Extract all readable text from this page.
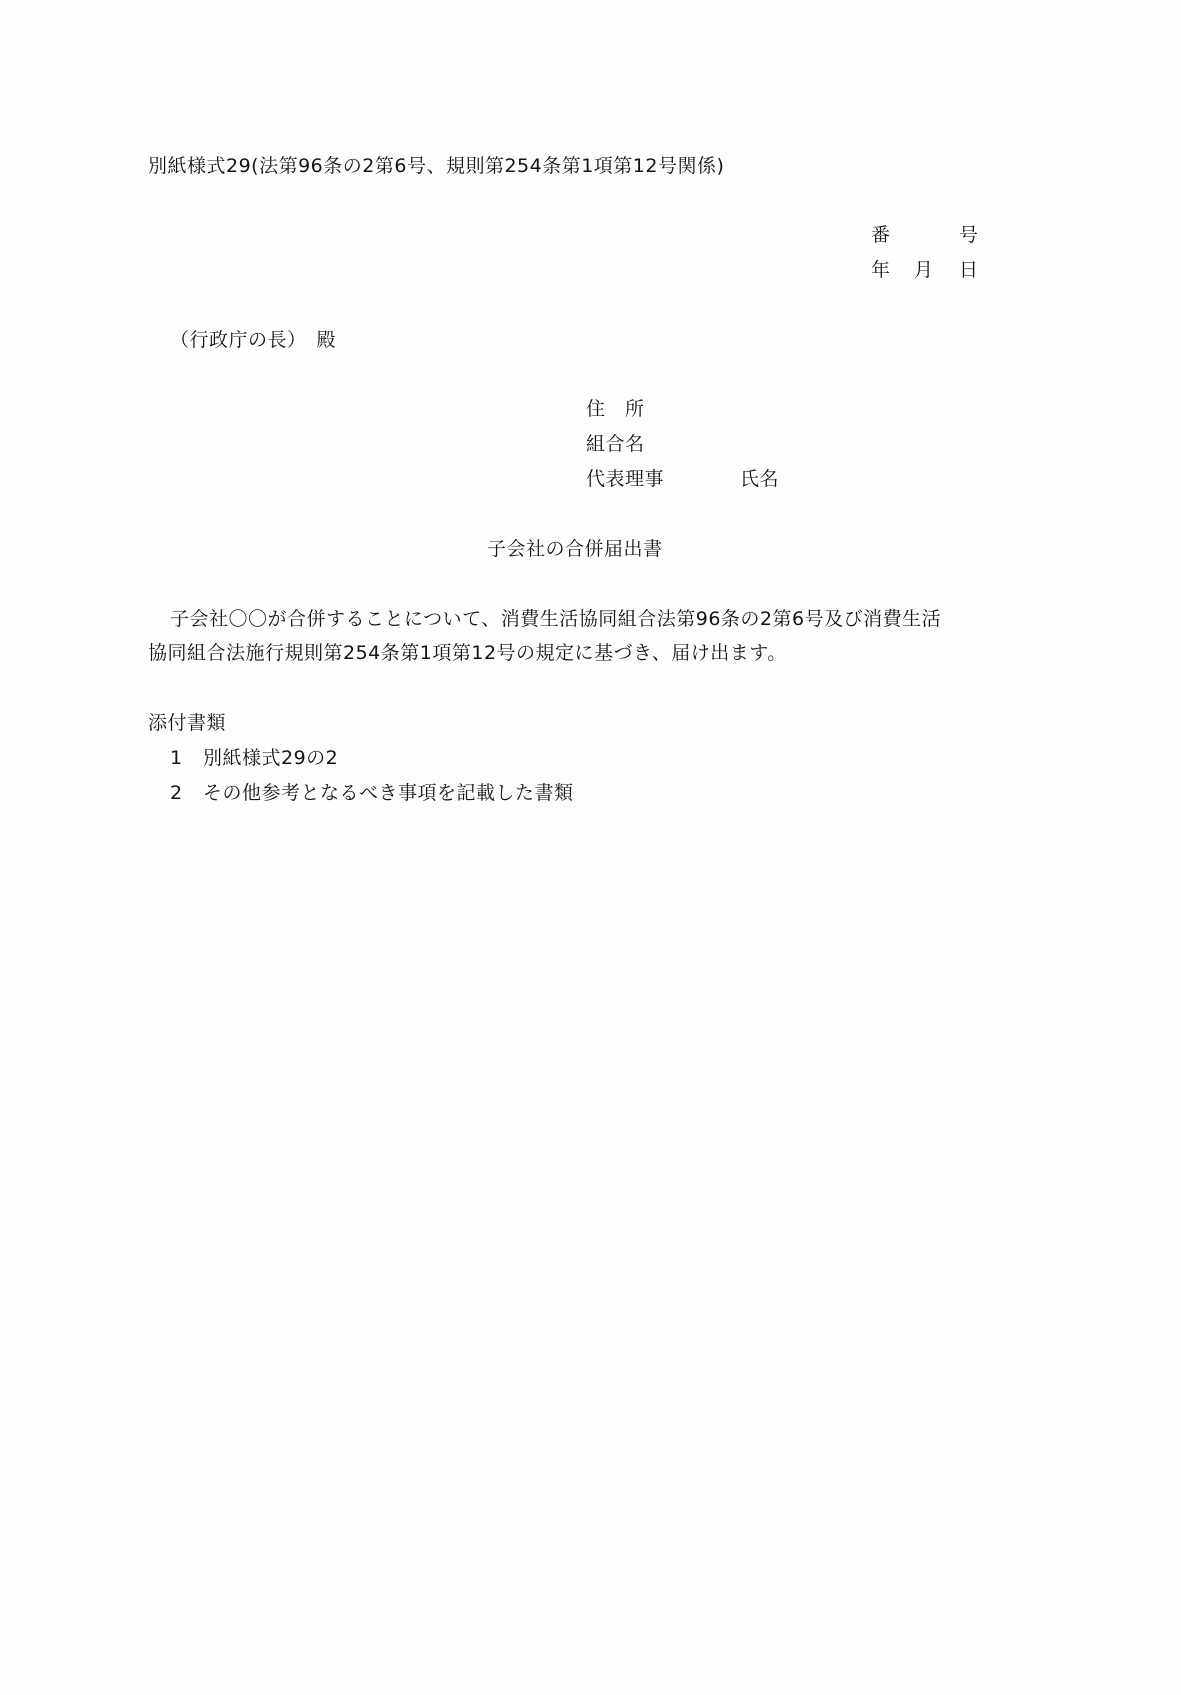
別紙様式29(法第96条の2第6号、規則第254条第1項第12号関係)
番	号
年 月 日
（行政庁の長）　殿
住　所
組合名
代表理事	氏名
子会社の合併届出書
子会社〇〇が合併することについて、消費生活協同組合法第96条の2第6号及び消費生活
協同組合法施行規則第254条第1項第12号の規定に基づき、届け出ます。
添付書類
1 別紙様式29の2
2 その他参考となるべき事項を記載した書類
